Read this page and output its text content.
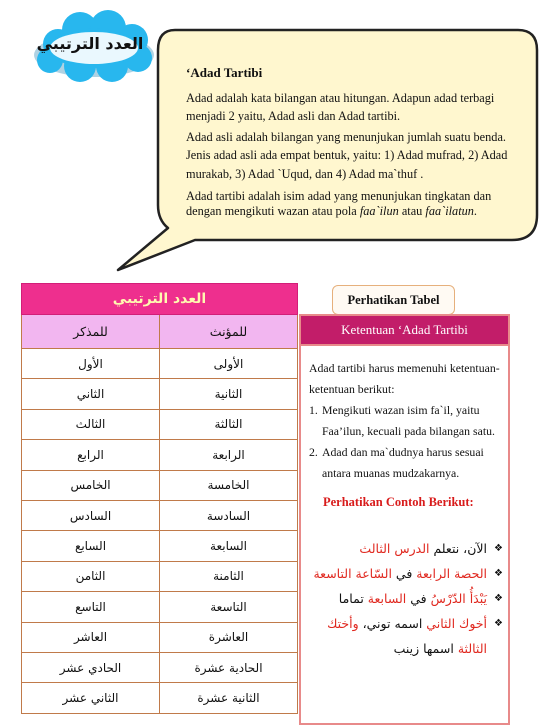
العدد الترتيبي
‘Adad Tartibi

Adad adalah kata bilangan atau hitungan. Adapun adad terbagi menjadi 2 yaitu, Adad asli dan Adad tartibi.

Adad asli adalah bilangan yang menunjukan jumlah suatu benda. Jenis adad asli ada empat bentuk, yaitu: 1) Adad mufrad, 2) Adad murakab, 3) Adad `Uqud, dan 4) Adad ma`thuf .

Adad tartibi adalah isim adad yang menunjukan tingkatan dan dengan mengikuti wazan atau pola faa`ilun atau faa`ilatun.

العدد الترتيبي	
للمذكر	للمؤنث
الأول	الأولى
الثاني	الثانية
الثالث	الثالثة
الرابع	الرابعة
الخامس	الخامسة
السادس	السادسة
السابع	السابعة
الثامن	الثامنة
التاسع	التاسعة
العاشر	العاشرة
الحادي عشر	الحادية عشرة
الثاني عشر	الثانية عشرة
Perhatikan Tabel
Ketentuan ‘Adad Tartibi

Adad tartibi harus memenuhi ketentuan-ketentuan berikut:

1. Mengikuti wazan isim fa`il, yaitu Faa’ilun, kecuali pada bilangan satu.
2. Adad dan ma`dudnya harus sesuai antara muanas mudzakarnya.
Perhatikan Contoh Berikut:
❖
الآن، نتعلم الدرس الثالث
❖
الحصة الرابعة في السّاعة التاسعة
❖
يَبْدَأُ الدّرْسُ في السابعة تماما
❖
أخوك الثاني اسمه توني، وأختك الثالثة اسمها زينب
